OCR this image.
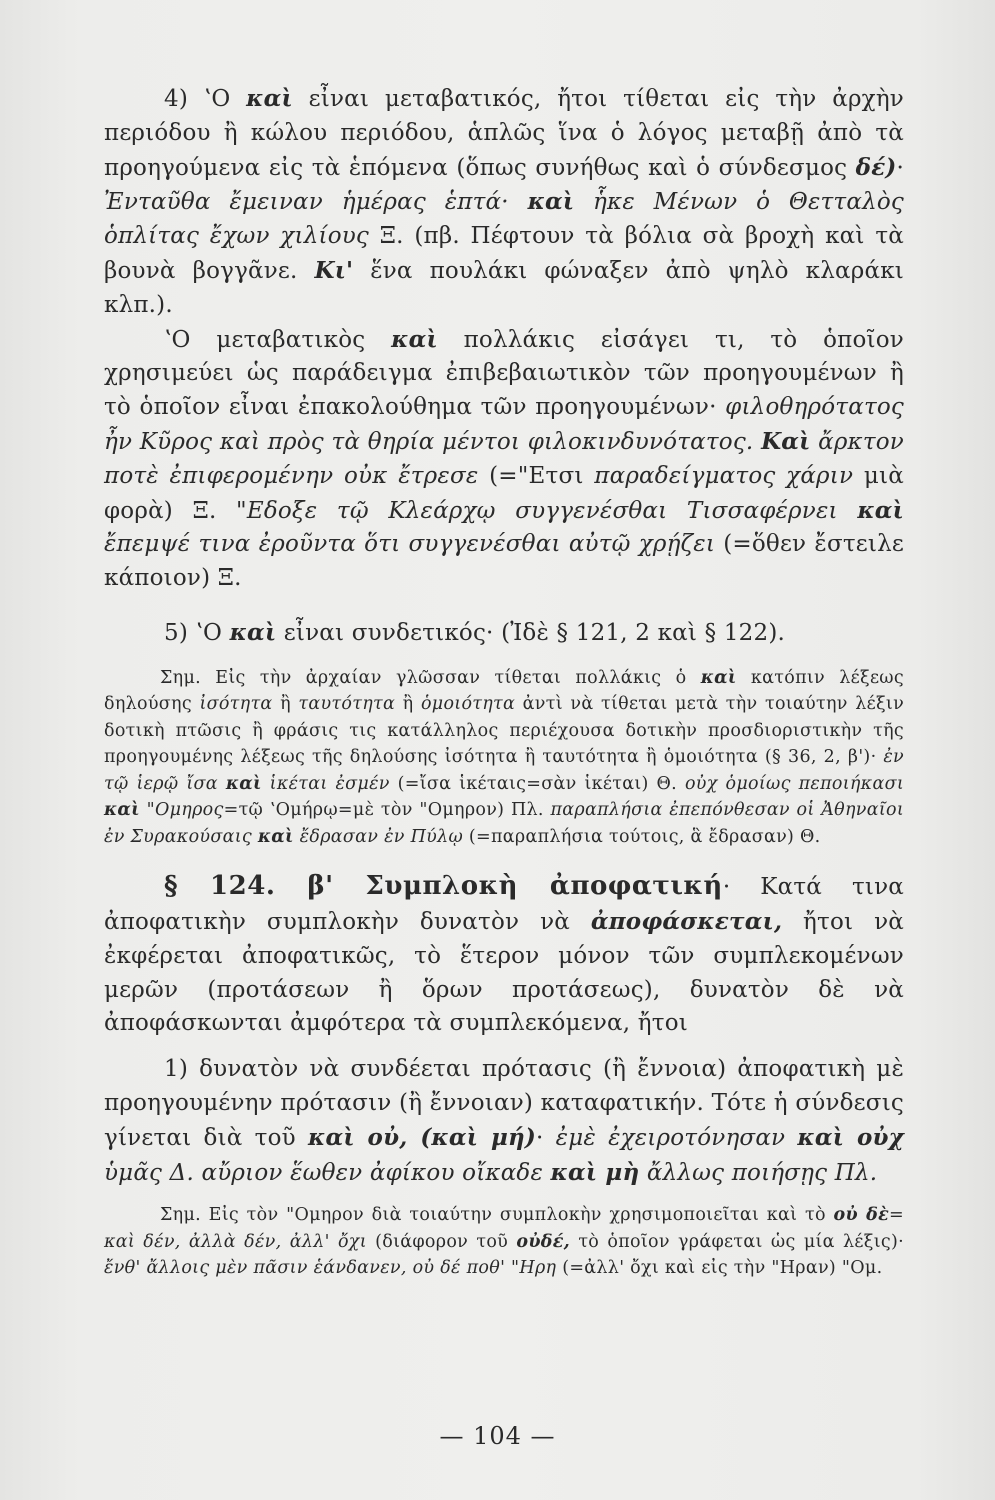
4) ʽΟ καὶ εἶναι μεταβατικός, ἤτοι τίθεται εἰς τὴν ἀρχὴν περιόδου ἢ κώλου περιόδου, ἁπλῶς ἵνα ὁ λόγος μεταβῇ ἀπὸ τὰ προηγούμενα εἰς τὰ ἑπόμενα (ὅπως συνήθως καὶ ὁ σύνδεσμος δέ)· Ἐνταῦθα ἔμειναν ἡμέρας ἑπτά· καὶ ἧκε Μένων ὁ Θετταλὸς ὁπλίτας ἔχων χιλίους Ξ. (πβ. Πέφτουν τὰ βόλια σὰ βροχὴ καὶ τὰ βουνὰ βογγᾶνε. Κι' ἕνα πουλάκι φώναξεν ἀπὸ ψηλὸ κλαράκι κλπ.).

ʽΟ μεταβατικὸς καὶ πολλάκις εἰσάγει τι, τὸ ὁποῖον χρησιμεύει ὡς παράδειγμα ἐπιβεβαιωτικὸν τῶν προηγουμένων ἢ τὸ ὁποῖον εἶναι ἐπακολούθημα τῶν προηγουμένων· φιλοθηρότατος ἦν Κῦρος καὶ πρὸς τὰ θηρία μέντοι φιλοκινδυνότατος. Καὶ ἄρκτον ποτὲ ἐπιφερομένην οὐκ ἔτρεσε (="Ετσι παραδείγματος χάριν μιὰ φορὰ) Ξ. "Εδοξε τῷ Κλεάρχῳ συγγενέσθαι Τισσαφέρνει καὶ ἔπεμψέ τινα ἐροῦντα ὅτι συγγενέσθαι αὐτῷ χρῄζει (=ὅθεν ἔστειλε κάποιον) Ξ.

5) ʽΟ καὶ εἶναι συνδετικός· (Ἰδὲ § 121, 2 καὶ § 122).

Σημ. Εἰς τὴν ἀρχαίαν γλῶσσαν τίθεται πολλάκις ὁ καὶ κατόπιν λέξεως δηλούσης ἰσότητα ἢ ταυτότητα ἢ ὁμοιότητα ἀντὶ νὰ τίθεται μετὰ τὴν τοιαύτην λέξιν δοτικὴ πτῶσις ἢ φράσις τις κατάλληλος περιέχουσα δοτικὴν προσδιοριστικὴν τῆς προηγουμένης λέξεως τῆς δηλούσης ἰσότητα ἢ ταυτότητα ἢ ὁμοιότητα (§ 36, 2, β')· ἐν τῷ ἱερῷ ἴσα καὶ ἱκέται ἐσμέν (=ἴσα ἱκέταις=σὰν ἱκέται) Θ. οὐχ ὁμοίως πεποιήκασι καὶ "Ομηρος=τῷ ʽΟμήρῳ=μὲ τὸν "Ομηρον) Πλ. παραπλήσια ἐπεπόνθεσαν οἱ Ἀθηναῖοι ἐν Συρακούσαις καὶ ἔδρασαν ἐν Πύλῳ (=παραπλήσια τούτοις, ἃ ἔδρασαν) Θ.

§ 124. β' Συμπλοκὴ ἀποφατική· Κατά τινα ἀποφατικὴν συμπλοκὴν δυνατὸν νὰ ἀποφάσκεται, ἤτοι νὰ ἐκφέρεται ἀποφατικῶς, τὸ ἕτερον μόνον τῶν συμπλεκομένων μερῶν (προτάσεων ἢ ὅρων προτάσεως), δυνατὸν δὲ νὰ ἀποφάσκωνται ἀμφότερα τὰ συμπλεκόμενα, ἤτοι

1) δυνατὸν νὰ συνδέεται πρότασις (ἢ ἔννοια) ἀποφατικὴ μὲ προηγουμένην πρότασιν (ἢ ἔννοιαν) καταφατικήν. Τότε ἡ σύνδεσις γίνεται διὰ τοῦ καὶ οὐ, (καὶ μή)· ἐμὲ ἐχειροτόνησαν καὶ οὐχ ὑμᾶς Δ. αὔριον ἕωθεν ἀφίκου οἴκαδε καὶ μὴ ἄλλως ποιήσῃς Πλ.

Σημ. Εἰς τὸν "Ομηρον διὰ τοιαύτην συμπλοκὴν χρησιμοποιεῖται καὶ τὸ οὐ δὲ= καὶ δέν, ἀλλὰ δέν, ἀλλ' ὄχι (διάφορον τοῦ οὐδέ, τὸ ὁποῖον γράφεται ὡς μία λέξις)· ἔνθ' ἄλλοις μὲν πᾶσιν ἑάνδανεν, οὐ δέ ποθ' "Ηρη (=ἀλλ' ὄχι καὶ εἰς τὴν "Ηραν) "Ομ.

— 104 —
